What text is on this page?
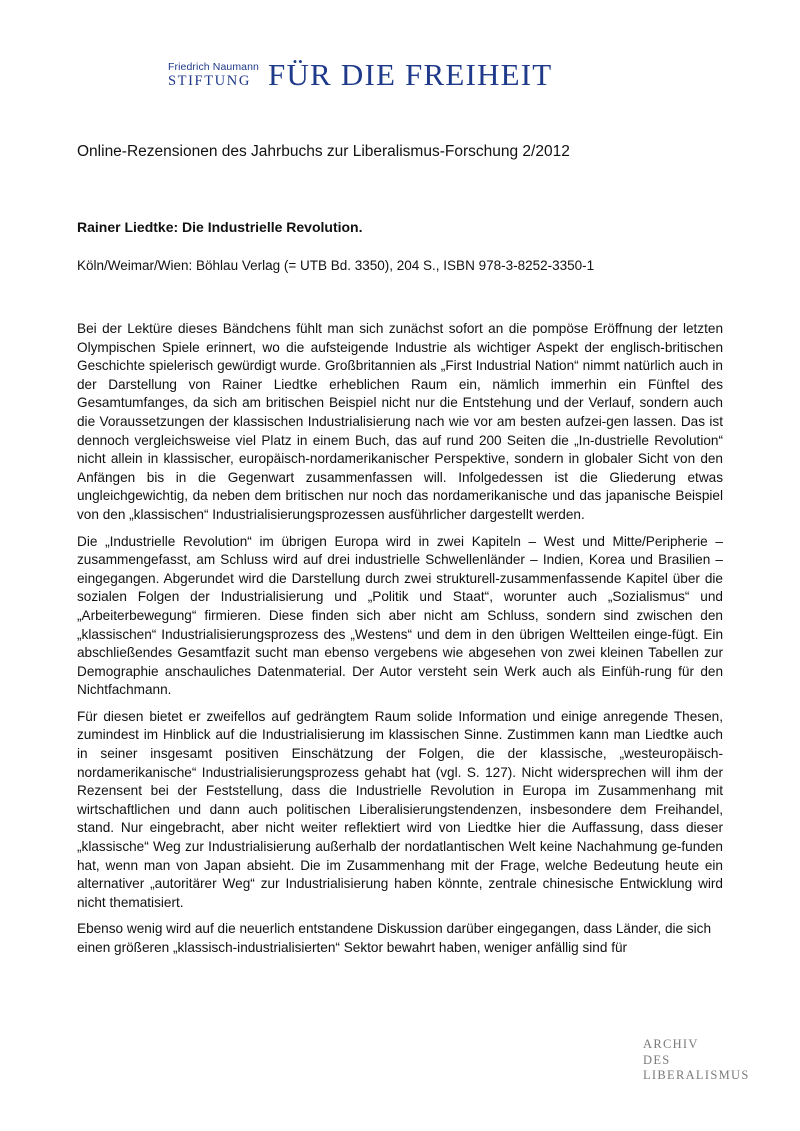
Friedrich Naumann
STIFTUNG FÜR DIE FREIHEIT
Online-Rezensionen des Jahrbuchs zur Liberalismus-Forschung 2/2012
Rainer Liedtke: Die Industrielle Revolution.
Köln/Weimar/Wien: Böhlau Verlag (= UTB Bd. 3350), 204 S., ISBN 978-3-8252-3350-1

Bei der Lektüre dieses Bändchens fühlt man sich zunächst sofort an die pompöse Eröffnung der letzten Olympischen Spiele erinnert, wo die aufsteigende Industrie als wichtiger Aspekt der englisch-britischen Geschichte spielerisch gewürdigt wurde. Großbritannien als „First Industrial Nation“ nimmt natürlich auch in der Darstellung von Rainer Liedtke erheblichen Raum ein, nämlich immerhin ein Fünftel des Gesamtumfanges, da sich am britischen Beispiel nicht nur die Entstehung und der Verlauf, sondern auch die Voraussetzungen der klassischen Industrialisierung nach wie vor am besten aufzei-gen lassen. Das ist dennoch vergleichsweise viel Platz in einem Buch, das auf rund 200 Seiten die „In-dustrielle Revolution“ nicht allein in klassischer, europäisch-nordamerikanischer Perspektive, sondern in globaler Sicht von den Anfängen bis in die Gegenwart zusammenfassen will. Infolgedessen ist die Gliederung etwas ungleichgewichtig, da neben dem britischen nur noch das nordamerikanische und das japanische Beispiel von den „klassischen“ Industrialisierungsprozessen ausführlicher dargestellt werden.

Die „Industrielle Revolution“ im übrigen Europa wird in zwei Kapiteln – West und Mitte/Peripherie – zusammengefasst, am Schluss wird auf drei industrielle Schwellenländer – Indien, Korea und Brasilien – eingegangen. Abgerundet wird die Darstellung durch zwei strukturell-zusammenfassende Kapitel über die sozialen Folgen der Industrialisierung und „Politik und Staat“, worunter auch „Sozialismus“ und „Arbeiterbewegung“ firmieren. Diese finden sich aber nicht am Schluss, sondern sind zwischen den „klassischen“ Industrialisierungsprozess des „Westens“ und dem in den übrigen Weltteilen einge-fügt. Ein abschließendes Gesamtfazit sucht man ebenso vergebens wie abgesehen von zwei kleinen Tabellen zur Demographie anschauliches Datenmaterial. Der Autor versteht sein Werk auch als Einfüh-rung für den Nichtfachmann.

Für diesen bietet er zweifellos auf gedrängtem Raum solide Information und einige anregende Thesen, zumindest im Hinblick auf die Industrialisierung im klassischen Sinne. Zustimmen kann man Liedtke auch in seiner insgesamt positiven Einschätzung der Folgen, die der klassische, „westeuropäisch-nordamerikanische“ Industrialisierungsprozess gehabt hat (vgl. S. 127). Nicht widersprechen will ihm der Rezensent bei der Feststellung, dass die Industrielle Revolution in Europa im Zusammenhang mit wirtschaftlichen und dann auch politischen Liberalisierungstendenzen, insbesondere dem Freihandel, stand. Nur eingebracht, aber nicht weiter reflektiert wird von Liedtke hier die Auffassung, dass dieser „klassische“ Weg zur Industrialisierung außerhalb der nordatlantischen Welt keine Nachahmung ge-funden hat, wenn man von Japan absieht. Die im Zusammenhang mit der Frage, welche Bedeutung heute ein alternativer „autoritärer Weg“ zur Industrialisierung haben könnte, zentrale chinesische Entwicklung wird nicht thematisiert.

Ebenso wenig wird auf die neuerlich entstandene Diskussion darüber eingegangen, dass Länder, die sich einen größeren „klassisch-industrialisierten“ Sektor bewahrt haben, weniger anfällig sind für

ARCHIV
DES
LIBERALISMUS
